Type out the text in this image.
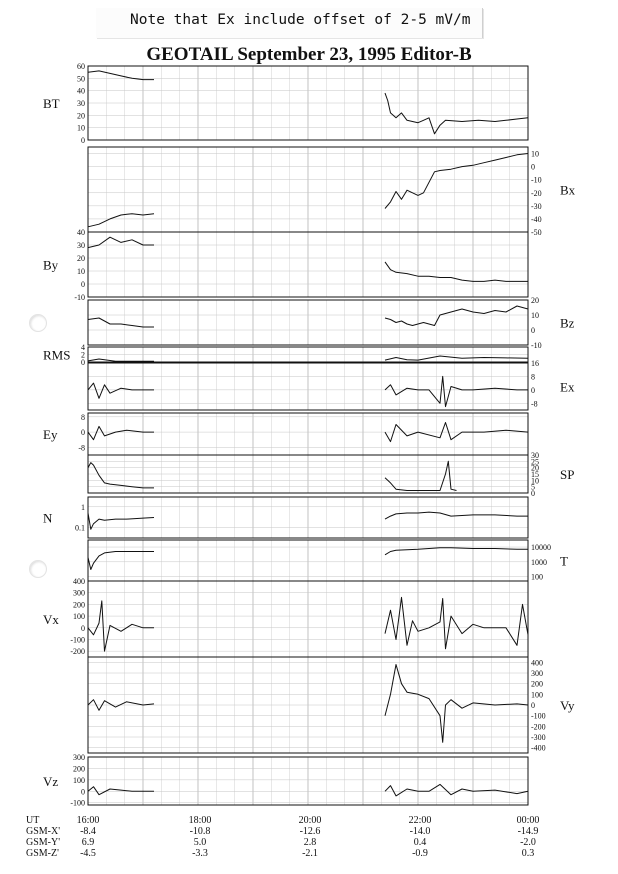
Note that Ex include offset of 2-5 mV/m
GEOTAIL September 23, 1995 Editor-B
60
50
40
30
20
10
0
BT
10
0
-10
-20
-30
-40
-50
Bx
40
30
20
10
0
-10
By
20
10
0
-10
Bz
4
2
0
RMS
16
8
0
-8
Ex
8
0
-8
Ey
30
25
20
15
10
5
0
SP
1
0.1
N
10000
1000
100
T
400
300
200
100
0
-100
-200
Vx
400
300
200
100
0
-100
-200
-300
-400
Vy
300
200
100
0
-100
Vz
UT	16:00	18:00	20:00	22:00	00:00
GSM-X' -8.4	-10.8	-12.6	-14.0	-14.9
GSM-Y' 6.9	5.0	2.8	0.4	-2.0
GSM-Z' -4.5	-3.3	-2.1	-0.9	0.3
